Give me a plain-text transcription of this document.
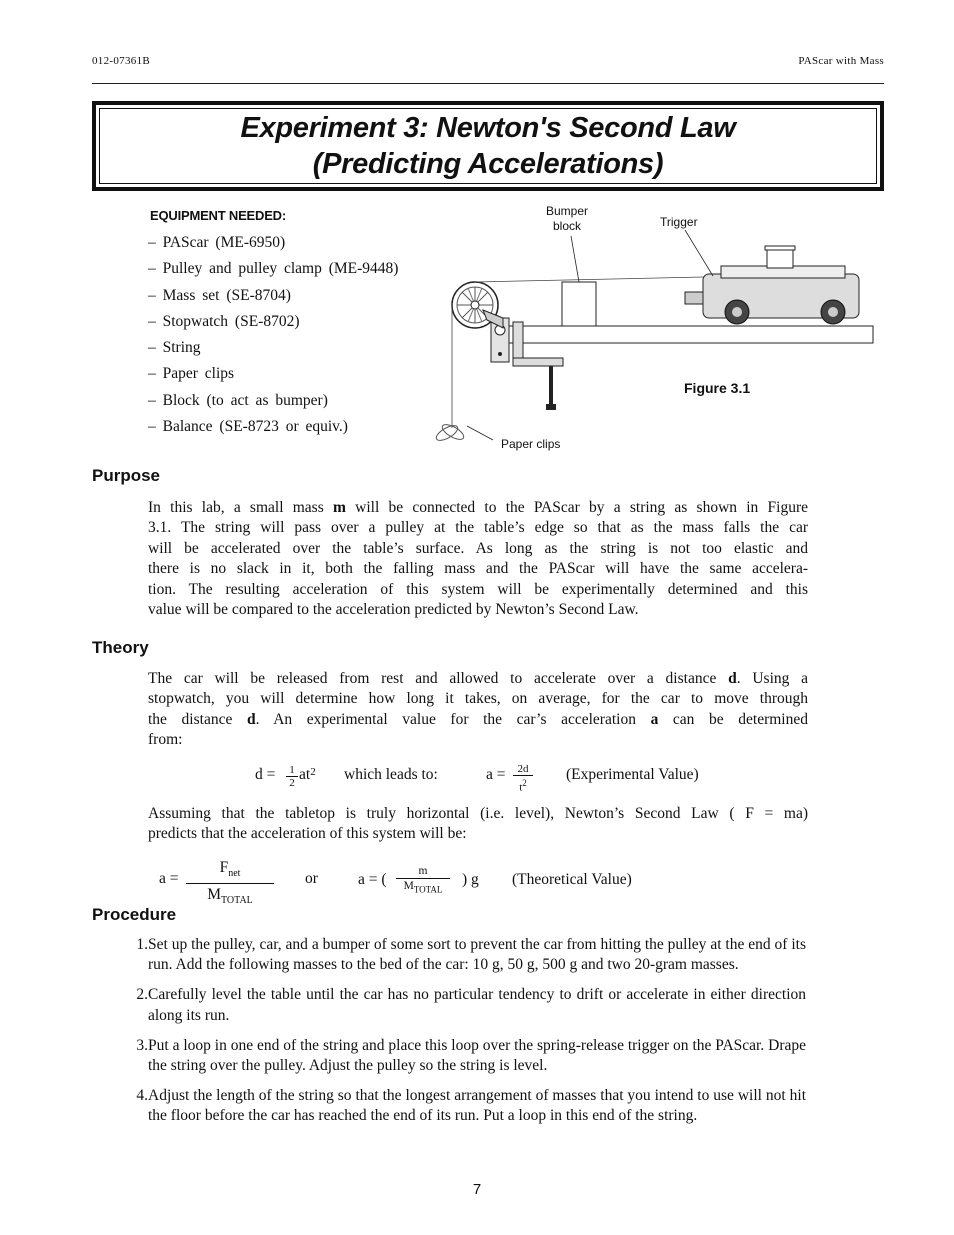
012-07361B	PAScar with Mass
Experiment 3: Newton's Second Law
(Predicting Accelerations)
EQUIPMENT NEEDED:
– PAScar (ME-6950)
– Pulley and pulley clamp (ME-9448)
– Mass set (SE-8704)
– Stopwatch (SE-8702)
– String
– Paper clips
– Block (to act as bumper)
– Balance (SE-8723 or equiv.)
Bumper
block	Trigger
Figure 3.1
Paper clips
Purpose
In this lab, a small mass m will be connected to the PAScar by a string as shown in Figure
3.1. The string will pass over a pulley at the table’s edge so that as the mass falls the car
will be accelerated over the table’s surface. As long as the string is not too elastic and
there is no slack in it, both the falling mass and the PAScar will have the same accelera-
tion. The resulting acceleration of this system will be experimentally determined and this
value will be compared to the acceleration predicted by Newton’s Second Law.
Theory
The car will be released from rest and allowed to accelerate over a distance d. Using a
stopwatch, you will determine how long it takes, on average, for the car to move through
the distance d. An experimental value for the car’s acceleration a can be determined
from:
$d = \frac{1}{2} at^2$ which leads to:	$a = \frac{2d}{t^2}$ (Experimental Value)
Assuming that the tabletop is truly horizontal (i.e. level), Newton’s Second Law ( F = ma)
predicts that the acceleration of this system will be:
a =
$F_{net}$
$M_{TOTAL}$
or	a = (	m
$M_{TOTAL}$
) g (Theoretical Value)
Procedure
1. Set up the pulley, car, and a bumper of some sort to prevent the car from hitting the pulley at the end of its run. Add the following masses to the bed of the car: 10 g, 50 g, 500 g and two 20-gram masses.
2. Carefully level the table until the car has no particular tendency to drift or accelerate in either direction along its run.
3. Put a loop in one end of the string and place this loop over the spring-release trigger on the PAScar. Drape the string over the pulley. Adjust the pulley so the string is level.
4. Adjust the length of the string so that the longest arrangement of masses that you intend to use will not hit the floor before the car has reached the end of its run. Put a loop in this end of the string.
7
